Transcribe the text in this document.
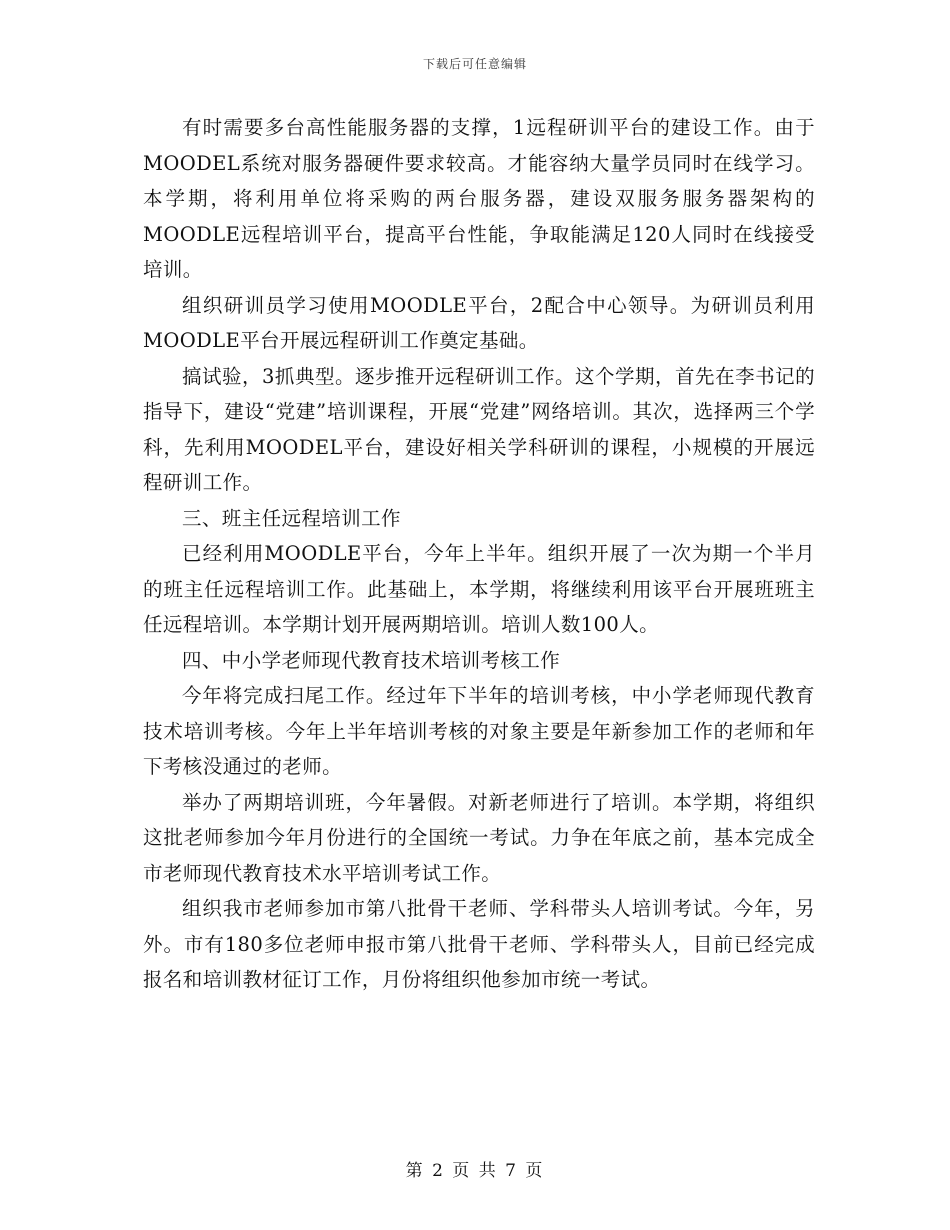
下载后可任意编辑

有时需要多台高性能服务器的支撑，1远程研训平台的建设工作。由于MOODEL系统对服务器硬件要求较高。才能容纳大量学员同时在线学习。本学期，将利用单位将采购的两台服务器，建设双服务服务器架构的MOODLE远程培训平台，提高平台性能，争取能满足120人同时在线接受培训。

组织研训员学习使用MOODLE平台，2配合中心领导。为研训员利用MOODLE平台开展远程研训工作奠定基础。

搞试验，3抓典型。逐步推开远程研训工作。这个学期，首先在李书记的指导下，建设“党建”培训课程，开展“党建”网络培训。其次，选择两三个学科，先利用MOODEL平台，建设好相关学科研训的课程，小规模的开展远程研训工作。

三、班主任远程培训工作

已经利用MOODLE平台，今年上半年。组织开展了一次为期一个半月的班主任远程培训工作。此基础上，本学期，将继续利用该平台开展班班主任远程培训。本学期计划开展两期培训。培训人数100人。

四、中小学老师现代教育技术培训考核工作

今年将完成扫尾工作。经过年下半年的培训考核，中小学老师现代教育技术培训考核。今年上半年培训考核的对象主要是年新参加工作的老师和年下考核没通过的老师。

举办了两期培训班，今年暑假。对新老师进行了培训。本学期，将组织这批老师参加今年月份进行的全国统一考试。力争在年底之前，基本完成全市老师现代教育技术水平培训考试工作。

组织我市老师参加市第八批骨干老师、学科带头人培训考试。今年，另外。市有180多位老师申报市第八批骨干老师、学科带头人，目前已经完成报名和培训教材征订工作，月份将组织他参加市统一考试。

第 2 页 共 7 页
